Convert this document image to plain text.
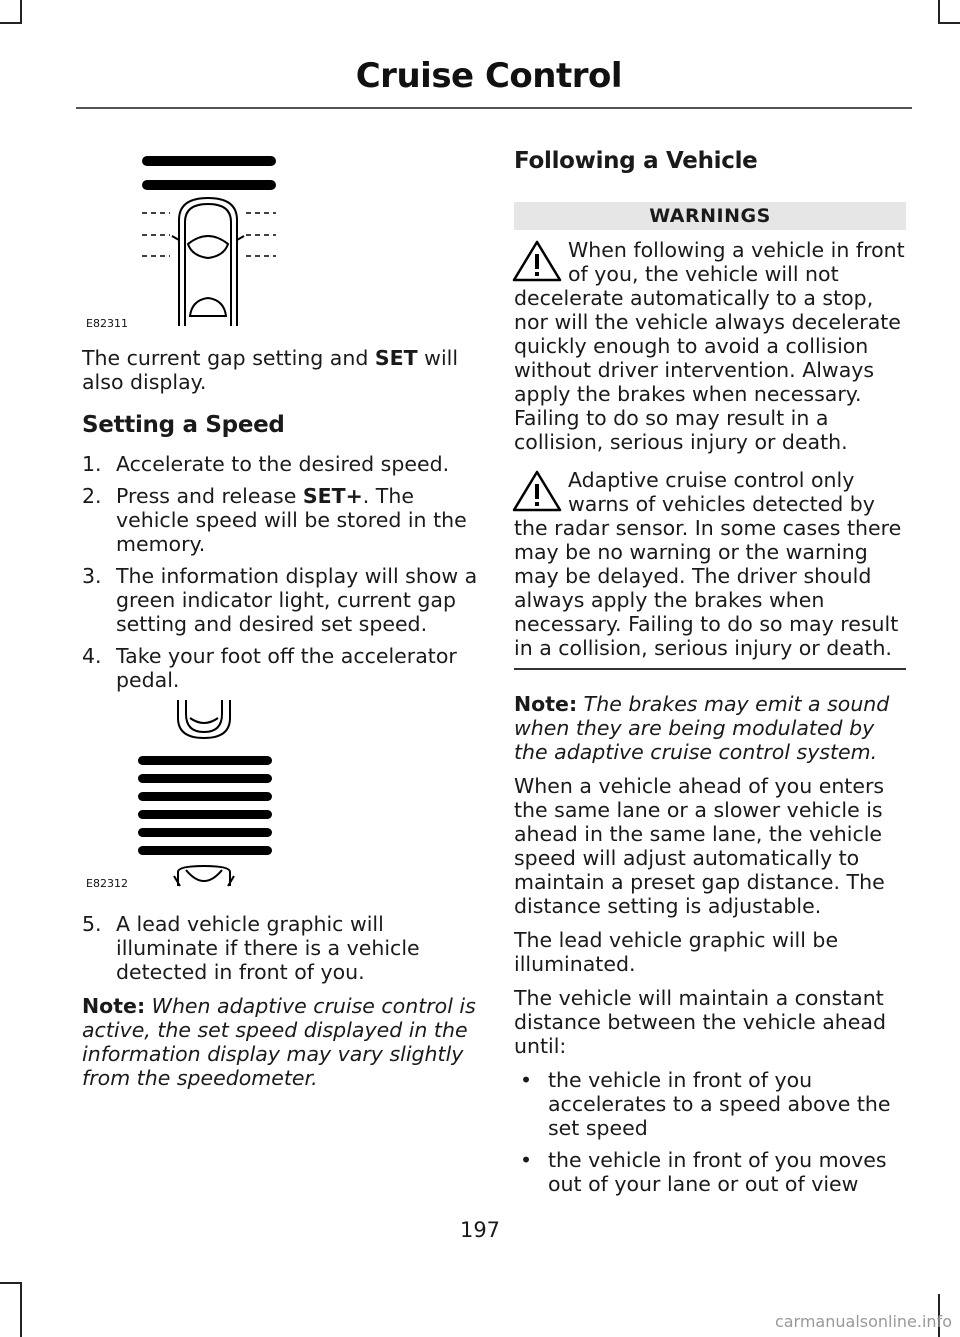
Cruise Control
E82311

The current gap setting and SET will also display.

Setting a Speed
1. Accelerate to the desired speed.
2. Press and release SET+. The vehicle speed will be stored in the memory.
3. The information display will show a green indicator light, current gap setting and desired set speed.
4. Take your foot off the accelerator pedal.
E82312
5. A lead vehicle graphic will illuminate if there is a vehicle detected in front of you.

Note: When adaptive cruise control is active, the set speed displayed in the information display may vary slightly from the speedometer.

Following a Vehicle
WARNINGS
When following a vehicle in front of you, the vehicle will not decelerate automatically to a stop, nor will the vehicle always decelerate quickly enough to avoid a collision without driver intervention. Always apply the brakes when necessary. Failing to do so may result in a collision, serious injury or death.
Adaptive cruise control only warns of vehicles detected by the radar sensor. In some cases there may be no warning or the warning may be delayed. The driver should always apply the brakes when necessary. Failing to do so may result in a collision, serious injury or death.

Note: The brakes may emit a sound when they are being modulated by the adaptive cruise control system.

When a vehicle ahead of you enters the same lane or a slower vehicle is ahead in the same lane, the vehicle speed will adjust automatically to maintain a preset gap distance. The distance setting is adjustable.

The lead vehicle graphic will be illuminated.

The vehicle will maintain a constant distance between the vehicle ahead until:

• the vehicle in front of you accelerates to a speed above the set speed
• the vehicle in front of you moves out of your lane or out of view
197
carmanualsonline.info
